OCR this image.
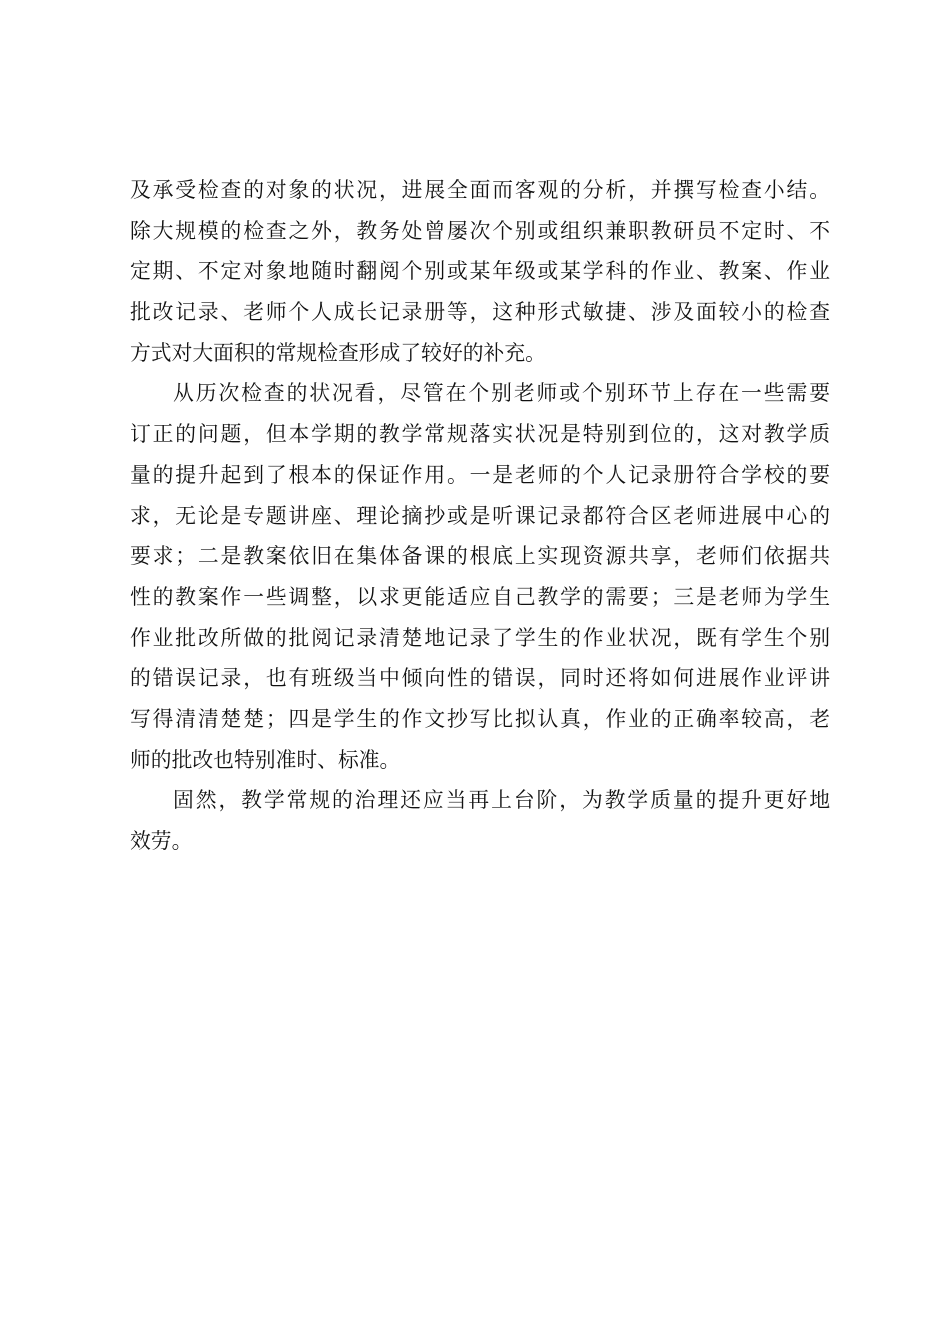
及承受检查的对象的状况，进展全面而客观的分析，并撰写检查小结。
除大规模的检查之外，教务处曾屡次个别或组织兼职教研员不定时、不
定期、不定对象地随时翻阅个别或某年级或某学科的作业、教案、作业
批改记录、老师个人成长记录册等，这种形式敏捷、涉及面较小的检查
方式对大面积的常规检查形成了较好的补充。
从历次检查的状况看，尽管在个别老师或个别环节上存在一些需要
订正的问题，但本学期的教学常规落实状况是特别到位的，这对教学质
量的提升起到了根本的保证作用。一是老师的个人记录册符合学校的要
求，无论是专题讲座、理论摘抄或是听课记录都符合区老师进展中心的
要求；二是教案依旧在集体备课的根底上实现资源共享，老师们依据共
性的教案作一些调整，以求更能适应自己教学的需要；三是老师为学生
作业批改所做的批阅记录清楚地记录了学生的作业状况，既有学生个别
的错误记录，也有班级当中倾向性的错误，同时还将如何进展作业评讲
写得清清楚楚；四是学生的作文抄写比拟认真，作业的正确率较高，老
师的批改也特别准时、标准。
固然，教学常规的治理还应当再上台阶，为教学质量的提升更好地
效劳。
